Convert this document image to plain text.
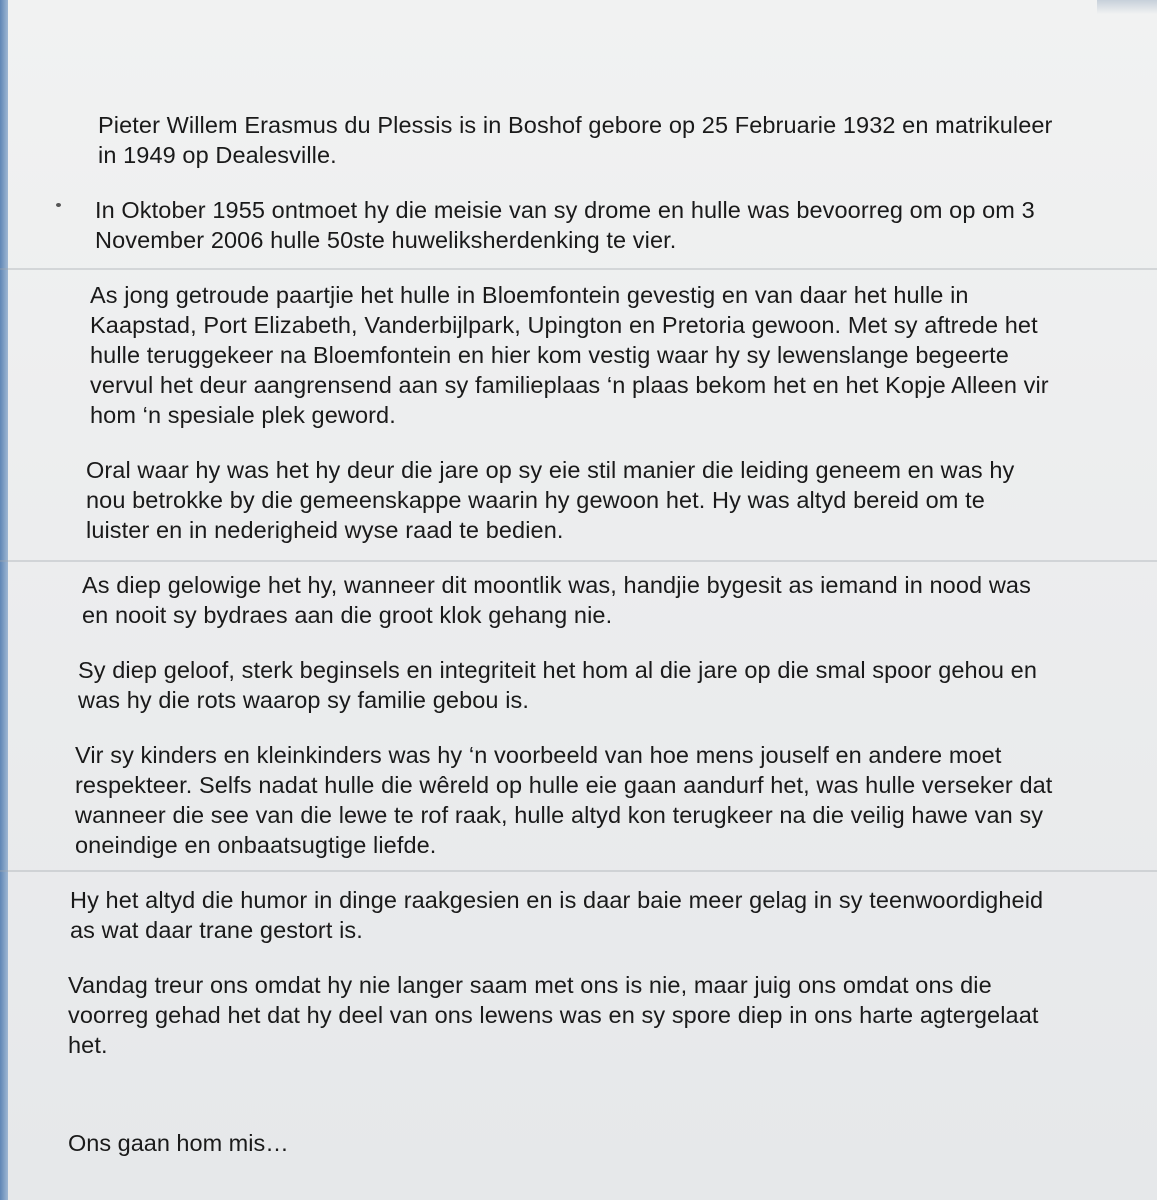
Pieter Willem Erasmus du Plessis is in Boshof gebore op 25 Februarie 1932 en matrikuleer in 1949 op Dealesville.

In Oktober 1955 ontmoet hy die meisie van sy drome en hulle was bevoorreg om op om 3 November 2006 hulle 50ste huweliksherdenking te vier.

As jong getroude paartjie het hulle in Bloemfontein gevestig en van daar het hulle in Kaapstad, Port Elizabeth, Vanderbijlpark, Upington en Pretoria gewoon. Met sy aftrede het hulle teruggekeer na Bloemfontein en hier kom vestig waar hy sy lewenslange begeerte vervul het deur aangrensend aan sy familieplaas ‘n plaas bekom het en het Kopje Alleen vir hom ‘n spesiale plek geword.

Oral waar hy was het hy deur die jare op sy eie stil manier die leiding geneem en was hy nou betrokke by die gemeenskappe waarin hy gewoon het. Hy was altyd bereid om te luister en in nederigheid wyse raad te bedien.

As diep gelowige het hy, wanneer dit moontlik was, handjie bygesit as iemand in nood was en nooit sy bydraes aan die groot klok gehang nie.

Sy diep geloof, sterk beginsels en integriteit het hom al die jare op die smal spoor gehou en was hy die rots waarop sy familie gebou is.

Vir sy kinders en kleinkinders was hy ‘n voorbeeld van hoe mens jouself en andere moet respekteer. Selfs nadat hulle die wêreld op hulle eie gaan aandurf het, was hulle verseker dat wanneer die see van die lewe te rof raak, hulle altyd kon terugkeer na die veilig hawe van sy oneindige en onbaatsugtige liefde.

Hy het altyd die humor in dinge raakgesien en is daar baie meer gelag in sy teenwoordigheid as wat daar trane gestort is.

Vandag treur ons omdat hy nie langer saam met ons is nie, maar juig ons omdat ons die voorreg gehad het dat hy deel van ons lewens was en sy spore diep in ons harte agtergelaat het.

Ons gaan hom mis…
